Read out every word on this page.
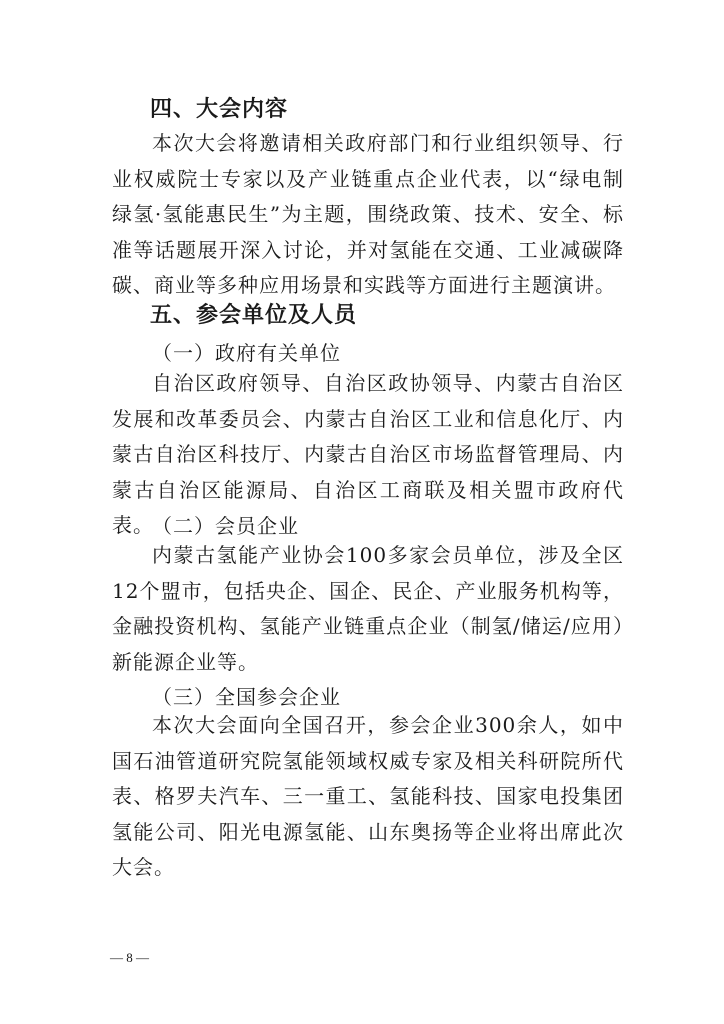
四、大会内容
本次大会将邀请相关政府部门和行业组织领导、行业权威院士专家以及产业链重点企业代表，以“绿电制绿氢·氢能惠民生”为主题，围绕政策、技术、安全、标准等话题展开深入讨论，并对氢能在交通、工业减碳降碳、商业等多种应用场景和实践等方面进行主题演讲。
五、参会单位及人员
（一）政府有关单位
自治区政府领导、自治区政协领导、内蒙古自治区发展和改革委员会、内蒙古自治区工业和信息化厅、内蒙古自治区科技厅、内蒙古自治区市场监督管理局、内蒙古自治区能源局、自治区工商联及相关盟市政府代表。
（二）会员企业
内蒙古氢能产业协会100多家会员单位，涉及全区12个盟市，包括央企、国企、民企、产业服务机构等，金融投资机构、氢能产业链重点企业（制氢/储运/应用）新能源企业等。
（三）全国参会企业
本次大会面向全国召开，参会企业300余人，如中国石油管道研究院氢能领域权威专家及相关科研院所代表、格罗夫汽车、三一重工、氢能科技、国家电投集团氢能公司、阳光电源氢能、山东奥扬等企业将出席此次大会。
— 8 —
